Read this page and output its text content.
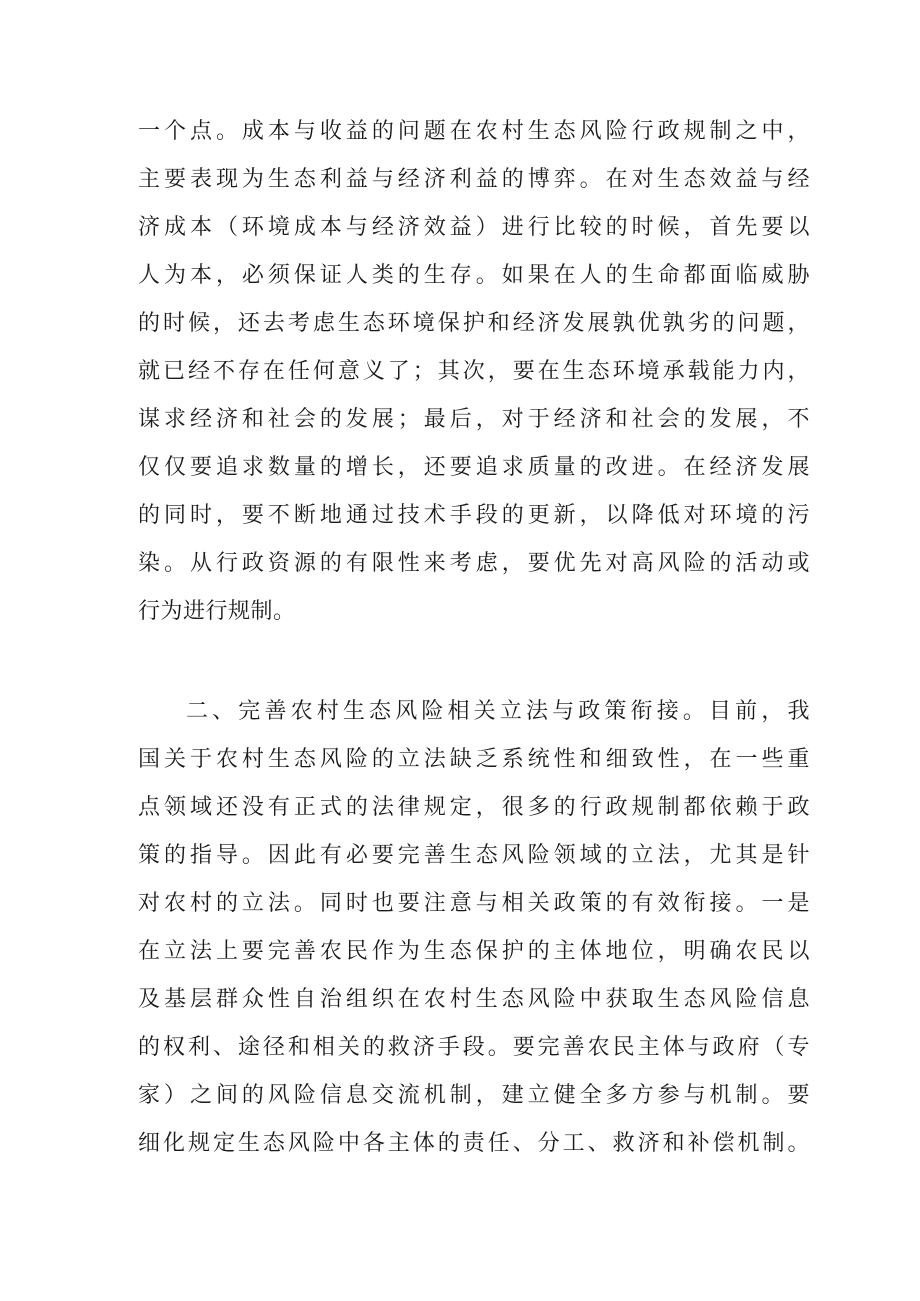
一个点。成本与收益的问题在农村生态风险行政规制之中，
主要表现为生态利益与经济利益的博弈。在对生态效益与经
济成本（环境成本与经济效益）进行比较的时候，首先要以
人为本，必须保证人类的生存。如果在人的生命都面临威胁
的时候，还去考虑生态环境保护和经济发展孰优孰劣的问题，
就已经不存在任何意义了；其次，要在生态环境承载能力内，
谋求经济和社会的发展；最后，对于经济和社会的发展，不
仅仅要追求数量的增长，还要追求质量的改进。在经济发展
的同时，要不断地通过技术手段的更新，以降低对环境的污
染。从行政资源的有限性来考虑，要优先对高风险的活动或
行为进行规制。
二、完善农村生态风险相关立法与政策衔接。目前，我
国关于农村生态风险的立法缺乏系统性和细致性，在一些重
点领域还没有正式的法律规定，很多的行政规制都依赖于政
策的指导。因此有必要完善生态风险领域的立法，尤其是针
对农村的立法。同时也要注意与相关政策的有效衔接。一是
在立法上要完善农民作为生态保护的主体地位，明确农民以
及基层群众性自治组织在农村生态风险中获取生态风险信息
的权利、途径和相关的救济手段。要完善农民主体与政府（专
家）之间的风险信息交流机制，建立健全多方参与机制。要
细化规定生态风险中各主体的责任、分工、救济和补偿机制。
